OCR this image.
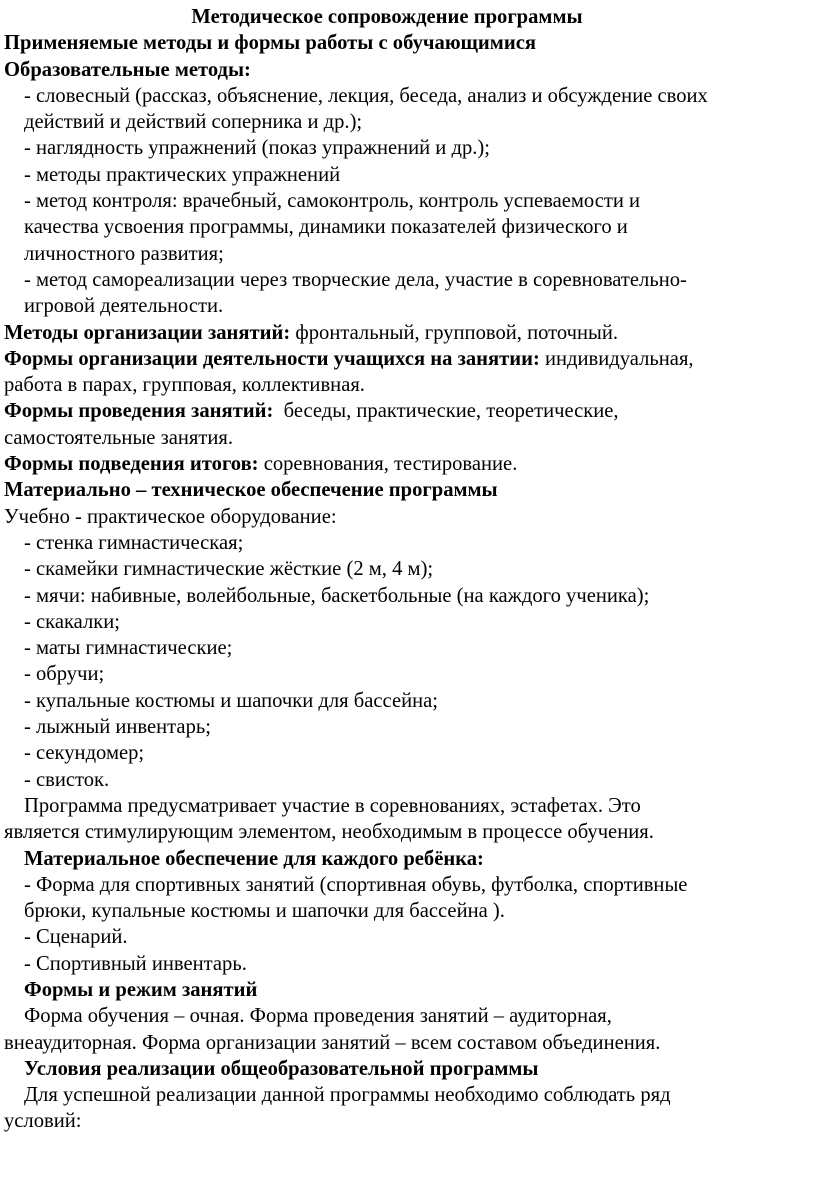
Методическое сопровождение программы
Применяемые методы и формы работы с обучающимися
Образовательные методы:
- словесный (рассказ, объяснение, лекция, беседа, анализ и обсуждение своих
действий и действий соперника и др.);
- наглядность упражнений (показ упражнений и др.);
- методы практических упражнений
- метод контроля: врачебный, самоконтроль, контроль успеваемости и
качества усвоения программы, динамики показателей физического и
личностного развития;
- метод самореализации через творческие дела, участие в соревновательно-
игровой деятельности.
Методы организации занятий: фронтальный, групповой, поточный.
Формы организации деятельности учащихся на занятии: индивидуальная,
работа в парах, групповая, коллективная.
Формы проведения занятий:  беседы, практические, теоретические,
самостоятельные занятия.
Формы подведения итогов: соревнования, тестирование.
Материально – техническое обеспечение программы
Учебно - практическое оборудование:
- стенка гимнастическая;
- скамейки гимнастические жёсткие (2 м, 4 м);
- мячи: набивные, волейбольные, баскетбольные (на каждого ученика);
- скакалки;
- маты гимнастические;
- обручи;
- купальные костюмы и шапочки для бассейна;
- лыжный инвентарь;
- секундомер;
- свисток.
Программа предусматривает участие в соревнованиях, эстафетах. Это
является стимулирующим элементом, необходимым в процессе обучения.
Материальное обеспечение для каждого ребёнка:
- Форма для спортивных занятий (спортивная обувь, футболка, спортивные
брюки, купальные костюмы и шапочки для бассейна ).
- Сценарий.
- Спортивный инвентарь.
Формы и режим занятий
Форма обучения – очная. Форма проведения занятий – аудиторная,
внеаудиторная. Форма организации занятий – всем составом объединения.
Условия реализации общеобразовательной программы
Для успешной реализации данной программы необходимо соблюдать ряд
условий:
